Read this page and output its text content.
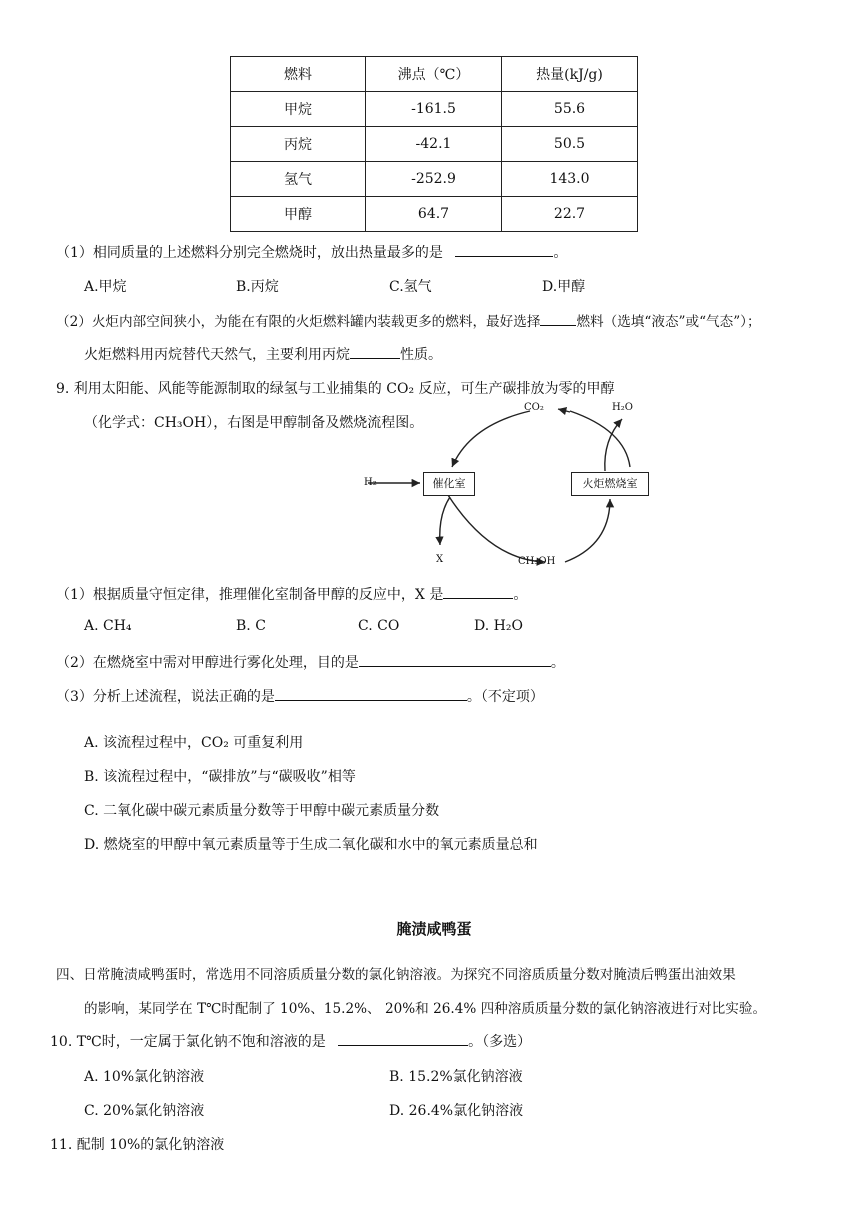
燃料	沸点（℃）	热量(kJ/g)
甲烷	-161.5	55.6
丙烷	-42.1	50.5
氢气	-252.9	143.0
甲醇	64.7	22.7
（1）相同质量的上述燃料分别完全燃烧时，放出热量最多的是	。
A.甲烷	B.丙烷	C.氢气	D.甲醇
（2）火炬内部空间狭小，为能在有限的火炬燃料罐内装载更多的燃料，最好选择	燃料（选填“液态”或“气态”）；
火炬燃料用丙烷替代天然气，主要利用丙烷	性质。
9. 利用太阳能、风能等能源制取的绿氢与工业捕集的 CO₂ 反应，可生产碳排放为零的甲醇
（化学式：CH₃OH），右图是甲醇制备及燃烧流程图。
CO₂	H₂O
H₂	催化室	火炬燃烧室
X	CH₃OH
（1）根据质量守恒定律，推理催化室制备甲醇的反应中，X 是	。
A. CH₄	B. C	C. CO	D. H₂O
（2）在燃烧室中需对甲醇进行雾化处理，目的是	。
（3）分析上述流程，说法正确的是	。（不定项）
A. 该流程过程中，CO₂ 可重复利用
B. 该流程过程中，“碳排放”与“碳吸收”相等
C. 二氧化碳中碳元素质量分数等于甲醇中碳元素质量分数
D. 燃烧室的甲醇中氧元素质量等于生成二氧化碳和水中的氧元素质量总和
腌渍咸鸭蛋
四、日常腌渍咸鸭蛋时，常选用不同溶质质量分数的氯化钠溶液。为探究不同溶质质量分数对腌渍后鸭蛋出油效果
的影响，某同学在 T℃时配制了 10%、15.2%、 20%和 26.4% 四种溶质质量分数的氯化钠溶液进行对比实验。
10. T℃时，一定属于氯化钠不饱和溶液的是	。（多选）
A. 10%氯化钠溶液	B. 15.2%氯化钠溶液
C. 20%氯化钠溶液	D. 26.4%氯化钠溶液
11. 配制 10%的氯化钠溶液
